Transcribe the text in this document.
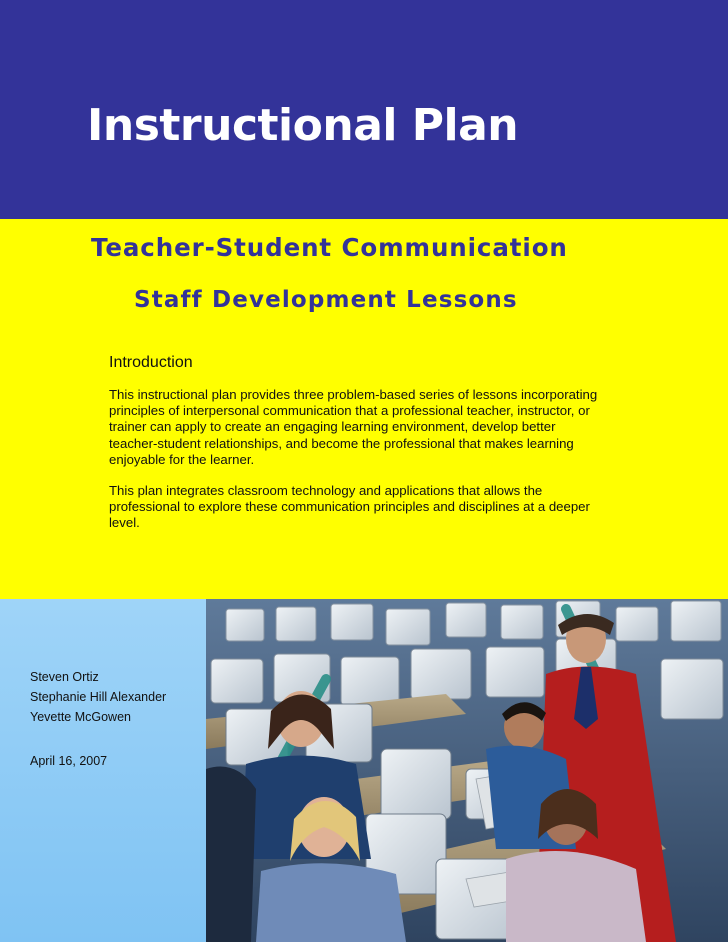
Instructional Plan
Teacher-Student Communication
Staff Development Lessons
Introduction

This instructional plan provides three problem-based series of lessons incorporating principles of interpersonal communication that a professional teacher, instructor, or trainer can apply to create an engaging learning environment, develop better teacher-student relationships, and become the professional that makes learning enjoyable for the learner.

This plan integrates classroom technology and applications that allows the professional to explore these communication principles and disciplines at a deeper level.

Steven Ortiz

Stephanie Hill Alexander

Yevette McGowen

April 16, 2007
